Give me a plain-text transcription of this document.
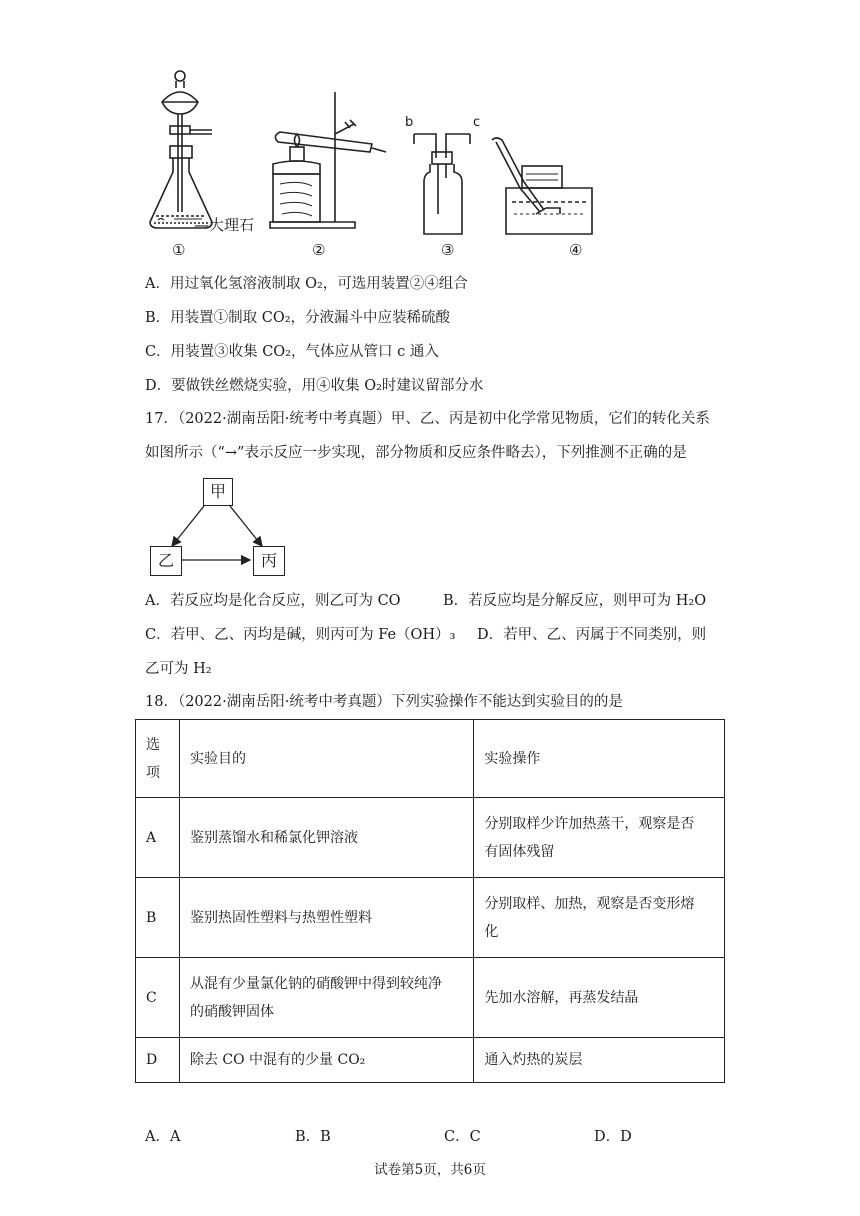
—大理石
b	c
①	②	③	④
A．用过氧化氢溶液制取 O₂，可选用装置②④组合
B．用装置①制取 CO₂，分液漏斗中应装稀硫酸
C．用装置③收集 CO₂，气体应从管口 c 通入
D．要做铁丝燃烧实验，用④收集 O₂时建议留部分水
17．（2022·湖南岳阳·统考中考真题）甲、乙、丙是初中化学常见物质，它们的转化关系
如图所示（“→”表示反应一步实现，部分物质和反应条件略去），下列推测不正确的是
甲
乙	丙
A．若反应均是化合反应，则乙可为 CO	B．若反应均是分解反应，则甲可为 H₂O
C．若甲、乙、丙均是碱，则丙可为 Fe（OH）₃ D．若甲、乙、丙属于不同类别，则
乙可为 H₂
18．（2022·湖南岳阳·统考中考真题）下列实验操作不能达到实验目的的是
选
项	实验目的	实验操作
A	鉴别蒸馏水和稀氯化钾溶液	分别取样少许加热蒸干，观察是否
有固体残留

B	鉴别热固性塑料与热塑性塑料	分别取样、加热，观察是否变形熔
化

C	从混有少量氯化钠的硝酸钾中得到较纯净
的硝酸钾固体	先加水溶解，再蒸发结晶
D	除去 CO 中混有的少量 CO₂	通入灼热的炭层
A．A	B．B	C．C	D．D
试卷第5页，共6页
